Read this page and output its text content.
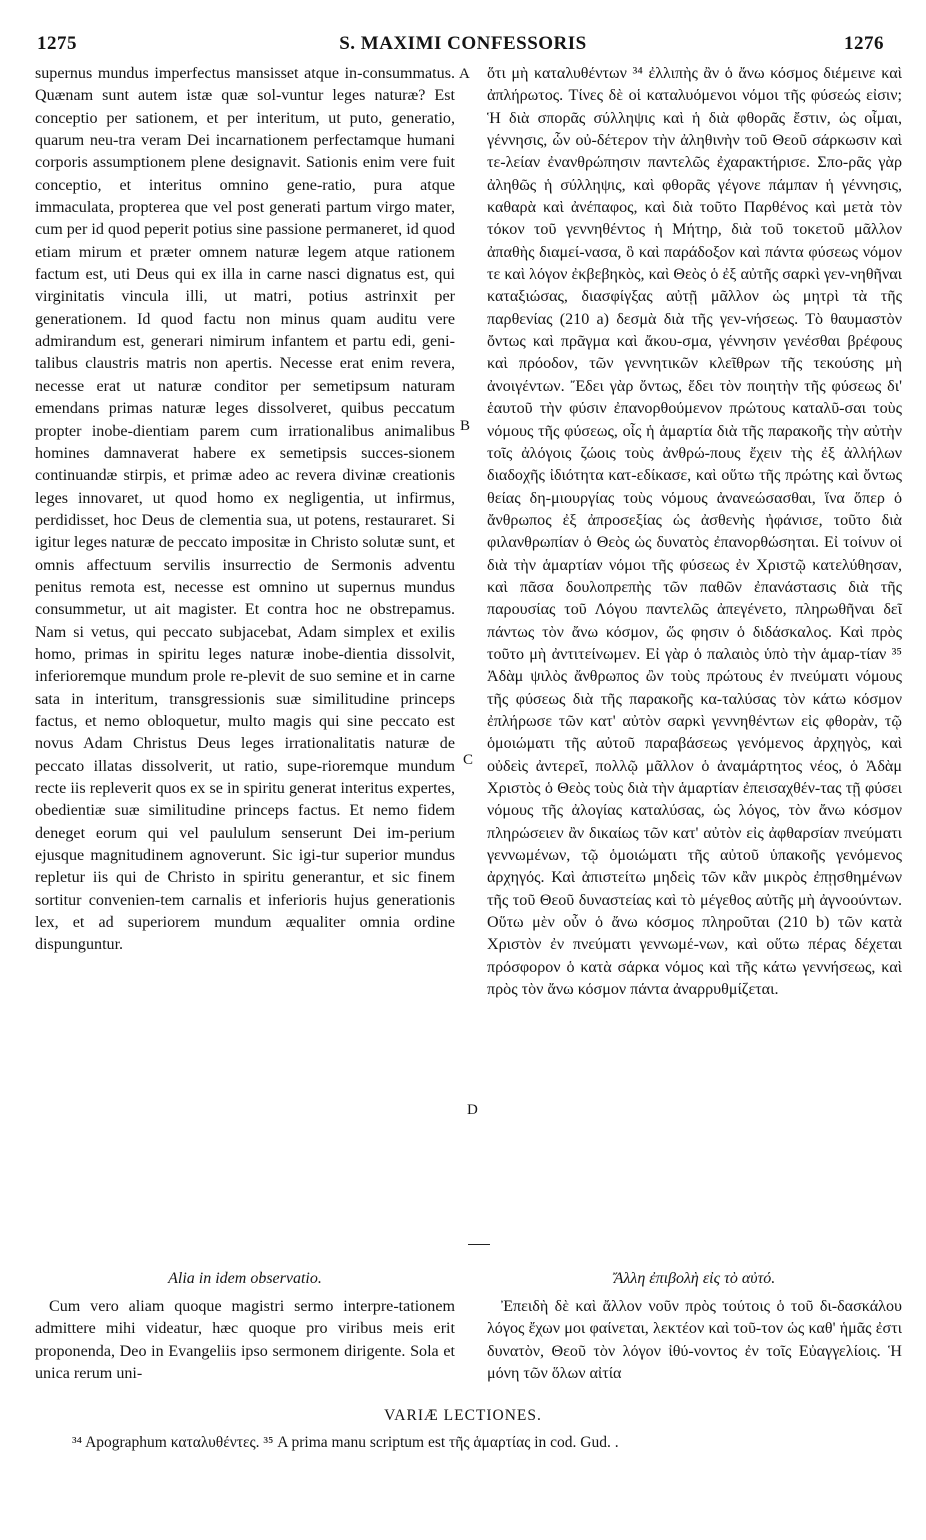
1275	S. MAXIMI CONFESSORIS	1276

supernus mundus imperfectus mansisset atque in-consummatus. Quænam sunt autem istæ quæ sol-vuntur leges naturæ? Est conceptio per sationem, et per interitum, ut puto, generatio, quarum neu-tra veram Dei incarnationem perfectamque humani corporis assumptionem plene designavit. Sationis enim vere fuit conceptio, et interitus omnino gene-ratio, pura atque immaculata, propterea que vel post generati partum virgo mater, cum per id quod peperit potius sine passione permaneret, id quod etiam mirum et præter omnem naturæ legem atque rationem factum est, uti Deus qui ex illa in carne nasci dignatus est, qui virginitatis vincula illi, ut matri, potius astrinxit per generationem. Id quod factu non minus quam auditu vere admirandum est, generari nimirum infantem et partu edi, geni-talibus claustris matris non apertis. Necesse erat enim revera, necesse erat ut naturæ conditor per semetipsum naturam emendans primas naturæ leges dissolveret, quibus peccatum propter inobe-dientiam parem cum irrationalibus animalibus homines damnaverat habere ex semetipsis succes-sionem continuandæ stirpis, et primæ adeo ac revera divinæ creationis leges innovaret, ut quod homo ex negligentia, ut infirmus, perdidisset, hoc Deus de clementia sua, ut potens, restauraret. Si igitur leges naturæ de peccato impositæ in Christo solutæ sunt, et omnis affectuum servilis insurrectio de Sermonis adventu penitus remota est, necesse est omnino ut supernus mundus consummetur, ut ait magister. Et contra hoc ne obstrepamus. Nam si vetus, qui peccato subjacebat, Adam simplex et exilis homo, primas in spiritu leges naturæ inobe-dientia dissolvit, inferioremque mundum prole re-plevit de suo semine et in carne sata in interitum, transgressionis suæ similitudine princeps factus, et nemo obloquetur, multo magis qui sine peccato est novus Adam Christus Deus leges irrationalitatis naturæ de peccato illatas dissolverit, ut ratio, supe-rioremque mundum recte iis repleverit quos ex se in spiritu generat interitus expertes, obedientiæ suæ similitudine princeps factus. Et nemo fidem deneget eorum qui vel paululum senserunt Dei im-perium ejusque magnitudinem agnoverunt. Sic igi-tur superior mundus repletur iis qui de Christo in spiritu generantur, et sic finem sortitur convenien-tem carnalis et inferioris hujus generationis lex, et ad superiorem mundum æqualiter omnia ordine dispunguntur.

A
B
C
D

ὅτι μὴ καταλυθέντων ³⁴ ἐλλιπὴς ἂν ὁ ἄνω κόσμος διέμεινε καὶ ἀπλήρωτος. Τίνες δὲ οἱ καταλυόμενοι νόμοι τῆς φύσεώς εἰσιν; Ἡ διὰ σπορᾶς σύλληψις καὶ ἡ διὰ φθορᾶς ἔστιν, ὡς οἶμαι, γέννησις, ὧν οὐ-δέτερον τὴν ἀληθινὴν τοῦ Θεοῦ σάρκωσιν καὶ τε-λείαν ἐνανθρώπησιν παντελῶς ἐχαρακτήρισε. Σπο-ρᾶς γὰρ ἀληθῶς ἡ σύλληψις, καὶ φθορᾶς γέγονε πάμπαν ἡ γέννησις, καθαρὰ καὶ ἀνέπαφος, καὶ διὰ τοῦτο Παρθένος καὶ μετὰ τὸν τόκον τοῦ γεννηθέντος ἡ Μήτηρ, διὰ τοῦ τοκετοῦ μᾶλλον ἀπαθὴς διαμεί-νασα, ὃ καὶ παράδοξον καὶ πάντα φύσεως νόμον τε καὶ λόγον ἐκβεβηκὸς, καὶ Θεὸς ὁ ἐξ αὐτῆς σαρκὶ γεν-νηθῆναι καταξιώσας, διασφίγξας αὐτῇ μᾶλλον ὡς μητρὶ τὰ τῆς παρθενίας (210 a) δεσμὰ διὰ τῆς γεν-νήσεως. Τὸ θαυμαστὸν ὄντως καὶ πρᾶγμα καὶ ἄκου-σμα, γέννησιν γενέσθαι βρέφους καὶ πρόοδον, τῶν γεννητικῶν κλεῖθρων τῆς τεκούσης μὴ ἀνοιγέντων. Ἔδει γὰρ ὄντως, ἔδει τὸν ποιητὴν τῆς φύσεως δι' ἑαυτοῦ τὴν φύσιν ἐπανορθούμενον πρώτους καταλῦ-σαι τοὺς νόμους τῆς φύσεως, οἷς ἡ ἁμαρτία διὰ τῆς παρακοῆς τὴν αὐτὴν τοῖς ἀλόγοις ζώοις τοὺς ἀνθρώ-πους ἔχειν τὴς ἐξ ἀλλήλων διαδοχῆς ἰδιότητα κατ-εδίκασε, καὶ οὕτω τῆς πρώτης καὶ ὄντως θείας δη-μιουργίας τοὺς νόμους ἀνανεώσασθαι, ἵνα ὅπερ ὁ ἄνθρωπος ἐξ ἀπροσεξίας ὡς ἀσθενὴς ἠφάνισε, τοῦτο διὰ φιλανθρωπίαν ὁ Θεὸς ὡς δυνατὸς ἐπανορθώσηται. Εἰ τοίνυν οἱ διὰ τὴν ἁμαρτίαν νόμοι τῆς φύσεως ἐν Χριστῷ κατελύθησαν, καὶ πᾶσα δουλοπρεπὴς τῶν παθῶν ἐπανάστασις διὰ τῆς παρουσίας τοῦ Λόγου παντελῶς ἀπεγένετο, πληρωθῆναι δεῖ πάντως τὸν ἄνω κόσμον, ὥς φησιν ὁ διδάσκαλος. Καὶ πρὸς τοῦτο μὴ ἀντιτείνωμεν. Εἰ γὰρ ὁ παλαιὸς ὑπὸ τὴν ἁμαρ-τίαν ³⁵ Ἀδὰμ ψιλὸς ἄνθρωπος ὢν τοὺς πρώτους ἐν πνεύματι νόμους τῆς φύσεως διὰ τῆς παρακοῆς κα-ταλύσας τὸν κάτω κόσμον ἐπλήρωσε τῶν κατ' αὐτὸν σαρκὶ γεννηθέντων εἰς φθορὰν, τῷ ὁμοιώματι τῆς αὐτοῦ παραβάσεως γενόμενος ἀρχηγὸς, καὶ οὐδεὶς ἀντερεῖ, πολλῷ μᾶλλον ὁ ἀναμάρτητος νέος, ὁ Ἀδὰμ Χριστὸς ὁ Θεὸς τοὺς διὰ τὴν ἁμαρτίαν ἐπεισαχθέν-τας τῇ φύσει νόμους τῆς ἀλογίας καταλύσας, ὡς λόγος, τὸν ἄνω κόσμον πληρώσειεν ἂν δικαίως τῶν κατ' αὐτὸν εἰς ἀφθαρσίαν πνεύματι γεννωμένων, τῷ ὁμοιώματι τῆς αὐτοῦ ὑπακοῆς γενόμενος ἀρχηγός. Καὶ ἀπιστείτω μηδεὶς τῶν κἂν μικρὸς ἐπῃσθημένων τῆς τοῦ Θεοῦ δυναστείας καὶ τὸ μέγεθος αὐτῆς μὴ ἀγνοούντων. Οὕτω μὲν οὖν ὁ ἄνω κόσμος πληροῦται (210 b) τῶν κατὰ Χριστὸν ἐν πνεύματι γεννωμέ-νων, καὶ οὕτω πέρας δέχεται πρόσφορον ὁ κατὰ σάρκα νόμος καὶ τῆς κάτω γεννήσεως, καὶ πρὸς τὸν ἄνω κόσμον πάντα ἀναρρυθμίζεται.

Alia in idem observatio.

Cum vero aliam quoque magistri sermo interpre-tationem admittere mihi videatur, hæc quoque pro viribus meis erit proponenda, Deo in Evangeliis ipso sermonem dirigente. Sola et unica rerum uni-

Ἄλλη ἐπιβολὴ εἰς τὸ αὐτό.

Ἐπειδὴ δὲ καὶ ἄλλον νοῦν πρὸς τούτοις ὁ τοῦ δι-δασκάλου λόγος ἔχων μοι φαίνεται, λεκτέον καὶ τοῦ-τον ὡς καθ' ἡμᾶς ἐστι δυνατὸν, Θεοῦ τὸν λόγον ἰθύ-νοντος ἐν τοῖς Εὐαγγελίοις. Ἡ μόνη τῶν ὅλων αἰτία

VARIÆ LECTIONES.
³⁴ Apographum καταλυθέντες. ³⁵ A prima manu scriptum est τῆς ἁμαρτίας in cod. Gud. .
